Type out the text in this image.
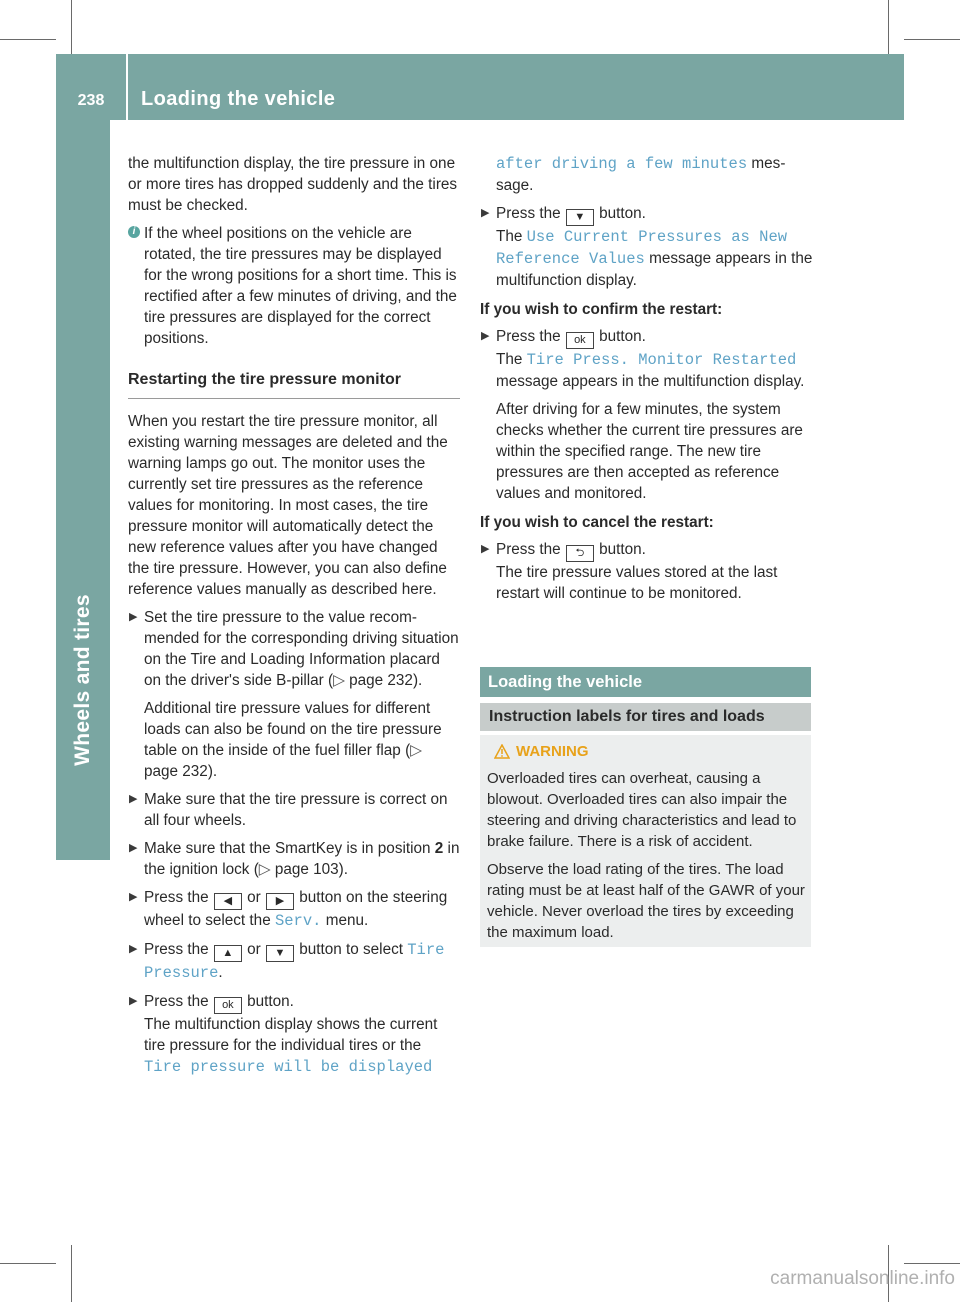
238	Loading the vehicle
Wheels and tires

the multifunction display, the tire pressure in one or more tires has dropped suddenly and the tires must be checked.

i If the wheel positions on the vehicle are rotated, the tire pressures may be displayed for the wrong positions for a short time. This is rectified after a few minutes of driving, and the tire pressures are displayed for the correct positions.
Restarting the tire pressure monitor

When you restart the tire pressure monitor, all existing warning messages are deleted and the warning lamps go out. The monitor uses the currently set tire pressures as the reference values for monitoring. In most cases, the tire pressure monitor will automatically detect the new reference values after you have changed the tire pressure. However, you can also define reference values manually as described here.

▶ Set the tire pressure to the value recommended for the corresponding driving situation on the Tire and Loading Information placard on the driver's side B-pillar (▷ page 232).

Additional tire pressure values for different loads can also be found on the tire pressure table on the inside of the fuel filler flap (▷ page 232).

▶ Make sure that the tire pressure is correct on all four wheels.
▶ Make sure that the SmartKey is in position 2 in the ignition lock (▷ page 103).
▶ Press the ◀ or ▶ button on the steering wheel to select the Serv. menu.
▶ Press the ▲ or ▼ button to select Tire Pressure.
▶ Press the ok button.
The multifunction display shows the current tire pressure for the individual tires or the Tire pressure will be displayed

after driving a few minutes message.

▶ Press the ▼ button.
The Use Current Pressures as New Reference Values message appears in the multifunction display.
If you wish to confirm the restart:
▶ Press the ok button.
The Tire Press. Monitor Restarted message appears in the multifunction display.

After driving for a few minutes, the system checks whether the current tire pressures are within the specified range. The new tire pressures are then accepted as reference values and monitored.

If you wish to cancel the restart:
▶ Press the ⮌ button.
The tire pressure values stored at the last restart will continue to be monitored.
Loading the vehicle
Instruction labels for tires and loads
WARNING

Overloaded tires can overheat, causing a blowout. Overloaded tires can also impair the steering and driving characteristics and lead to brake failure. There is a risk of accident.

Observe the load rating of the tires. The load rating must be at least half of the GAWR of your vehicle. Never overload the tires by exceeding the maximum load.

carmanualsonline.info
